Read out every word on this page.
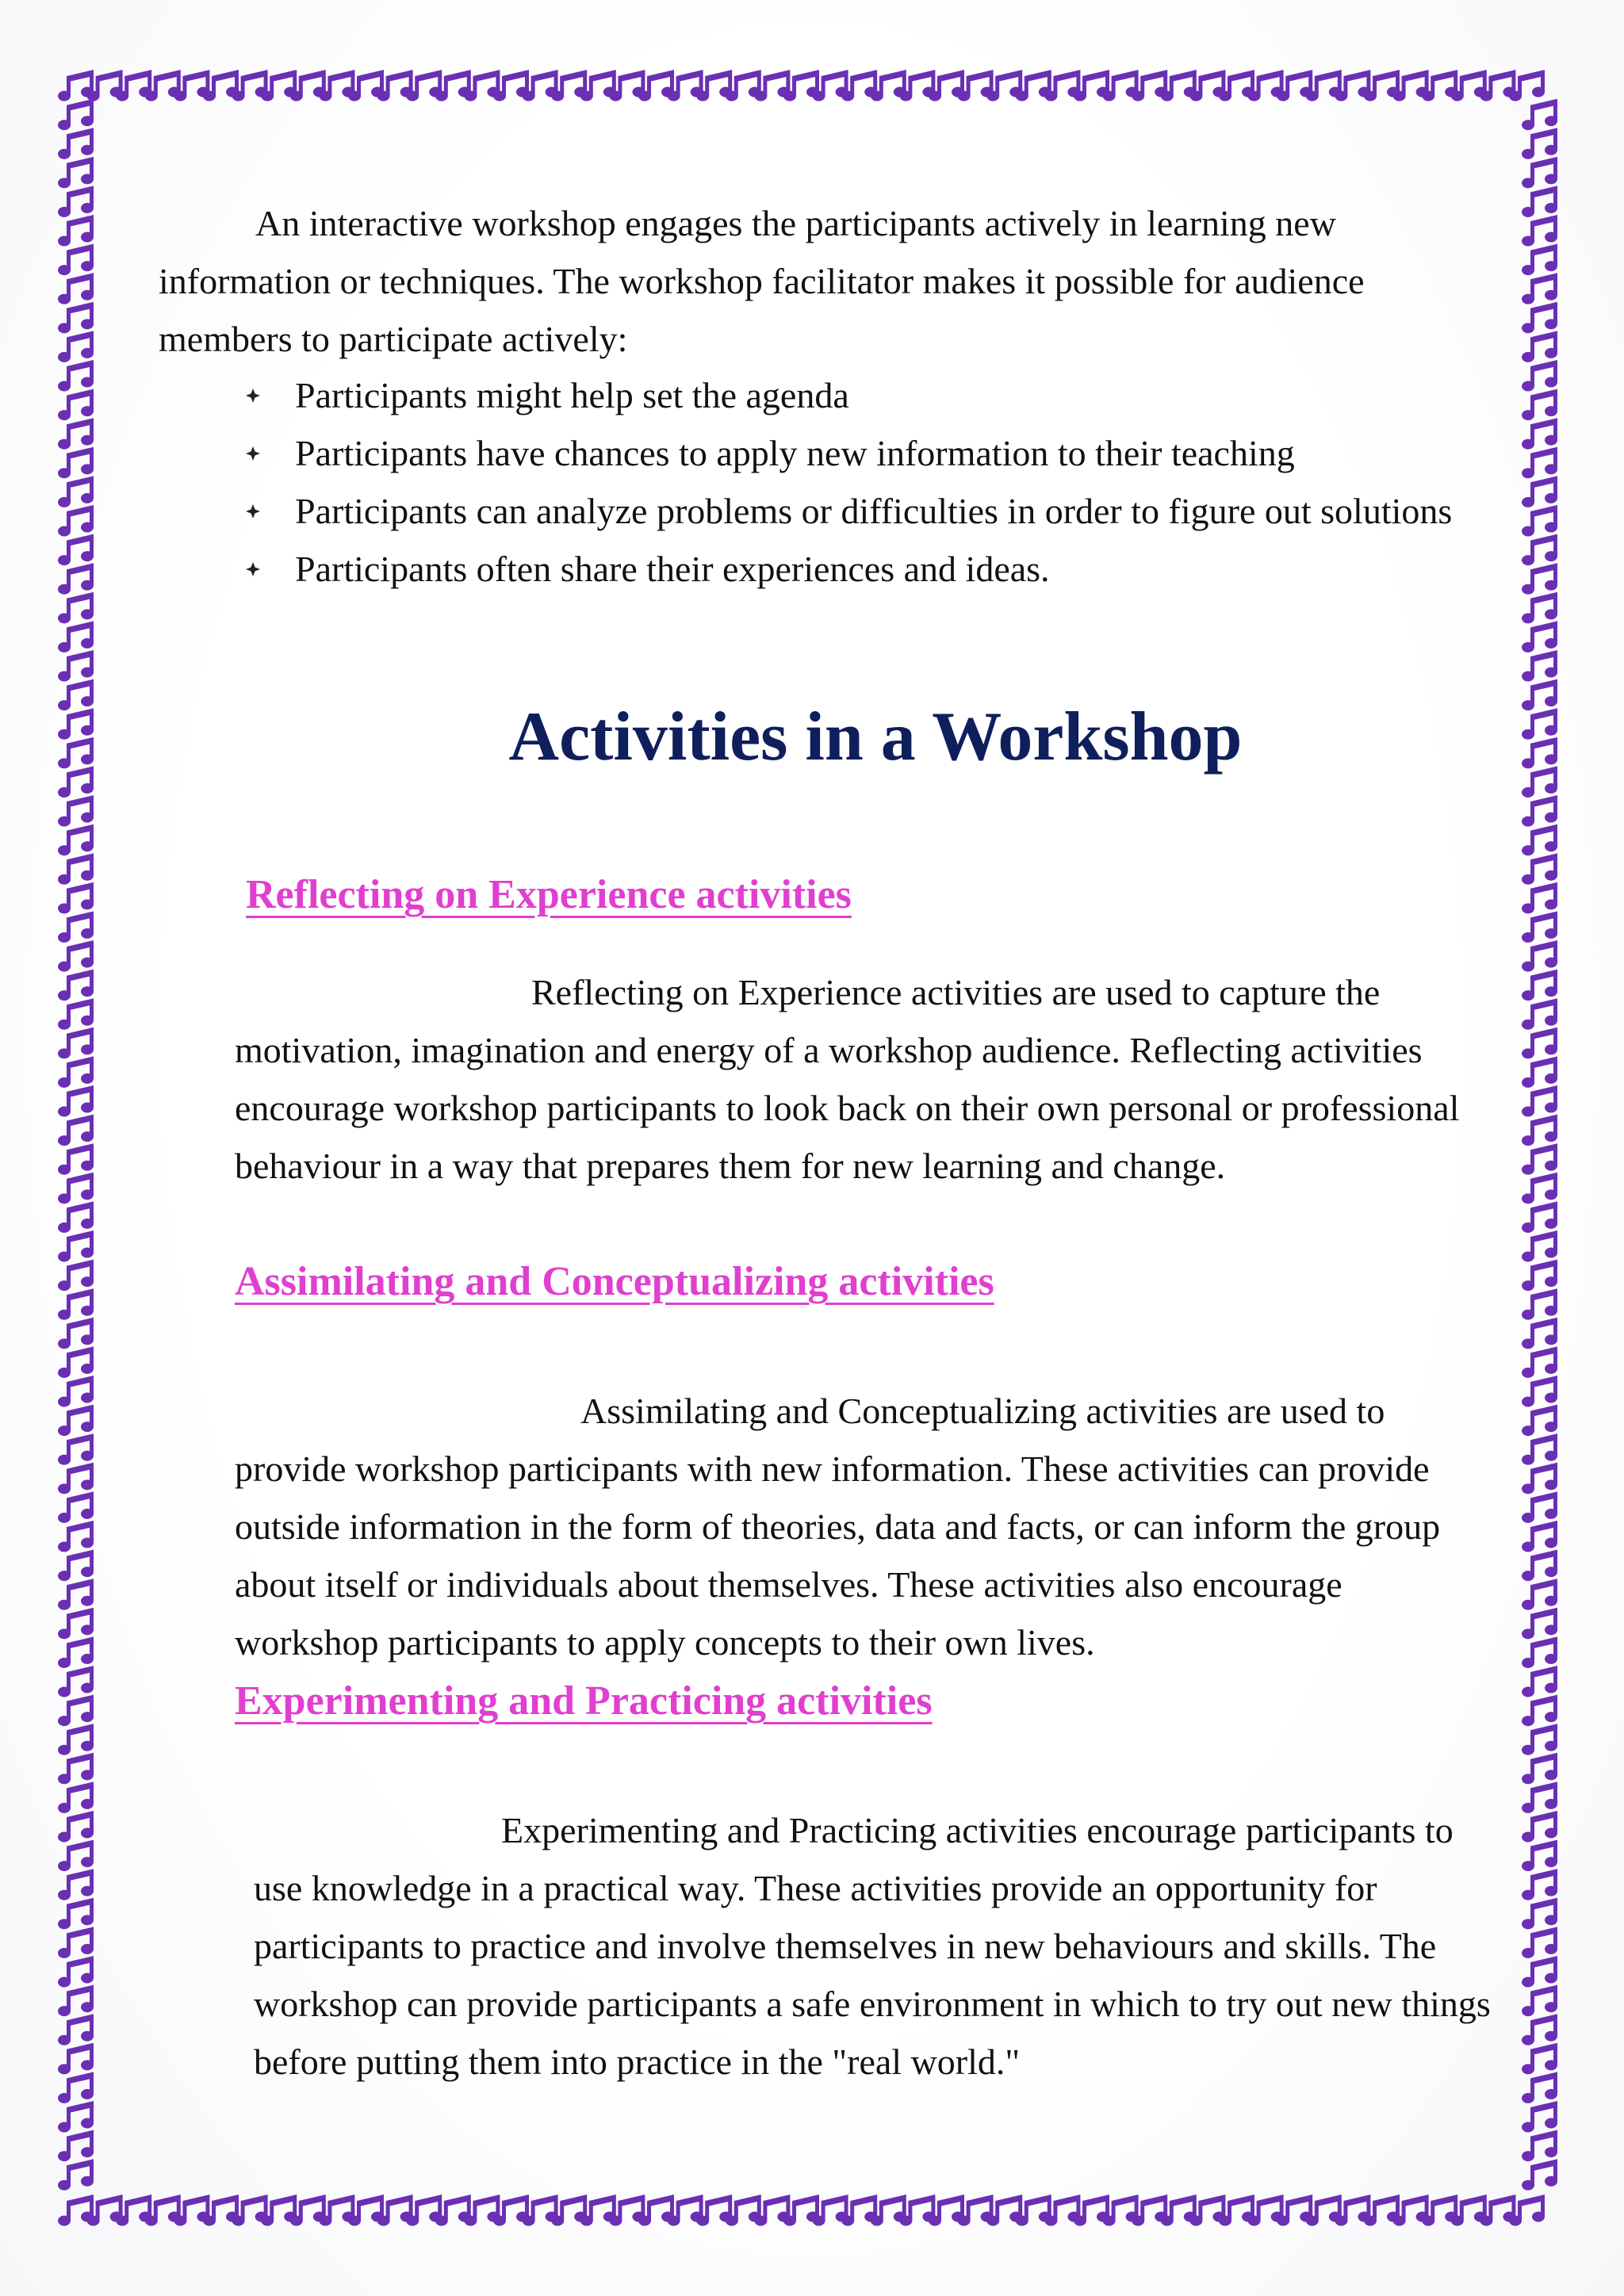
An interactive workshop engages the participants actively in learning new information or techniques. The workshop facilitator makes it possible for audience members to participate actively:

Participants might help set the agenda
Participants have chances to apply new information to their teaching
Participants can analyze problems or difficulties in order to figure out solutions
Participants often share their experiences and ideas.
Activities in a Workshop
Reflecting on Experience activities

Reflecting on Experience activities are used to capture the motivation, imagination and energy of a workshop audience. Reflecting activities encourage workshop participants to look back on their own personal or professional behaviour in a way that prepares them for new learning and change.

Assimilating and Conceptualizing activities

Assimilating and Conceptualizing activities are used to provide workshop participants with new information. These activities can provide outside information in the form of theories, data and facts, or can inform the group about itself or individuals about themselves. These activities also encourage workshop participants to apply concepts to their own lives.

Experimenting and Practicing activities

Experimenting and Practicing activities encourage participants to use knowledge in a practical way. These activities provide an opportunity for participants to practice and involve themselves in new behaviours and skills. The workshop can provide participants a safe environment in which to try out new things before putting them into practice in the "real world."
